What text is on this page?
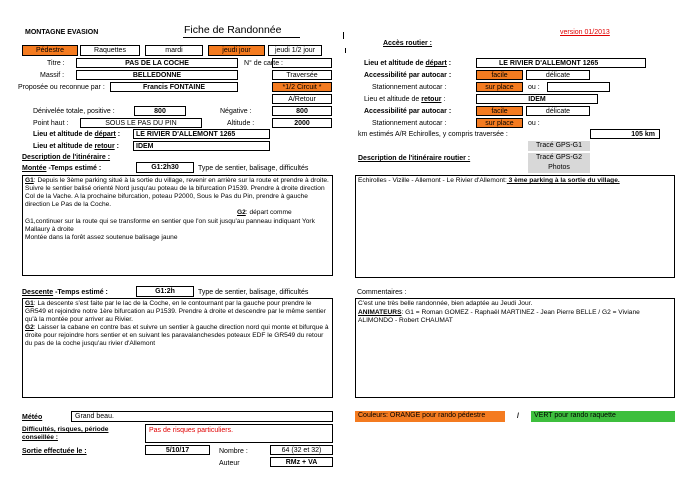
MONTAGNE EVASION	Fiche de Randonnée	version 01/2013
Pédestre	Raquettes	mardi	jeudi jour	jeudi 1/2 jour
Accès routier :
Titre :	PAS DE LA COCHE	N° de carte :
Massif :	BELLEDONNE	Traversée
Proposée ou reconnue par :	Francis FONTAINE	*1/2 Circuit *
A/Retour
Dénivelée totale, positive :	800	Négative :	800
Point haut :	SOUS LE PAS DU PIN	Altitude :	2000
Lieu et altitude de départ :	LE RIVIER D'ALLEMONT 1265
Lieu et altitude de retour :	IDEM
Description de l'itinéraire :
Montée -Temps estimé :	G1:2h30	Type de sentier, balisage, difficultés
G1: Depuis le 3ème parking situé à la sortie du village, revenir en arrière sur la route et prendre à droite. Suivre le sentier balisé orienté Nord jusqu'au poteau de la bifurcation P1539. Prendre à droite direction Col de la Vache. A la prochaine bifurcation, poteau P2000, Sous le Pas du Pin, prendre à gauche direction Le Pas de la Coche.
G2: départ comme
G1,continuer sur la route qui se transforme en sentier que l'on suit jusqu'au panneau indiquant York Mallaury à droite
Montée dans la forêt assez soutenue balisage jaune
Descente -Temps estimé :	G1:2h	Type de sentier, balisage, difficultés
G1: La descente s'est faite par le lac de la Coche, en le contournant par la gauche pour prendre le GR549 et rejoindre notre 1ère bifurcation au P1539. Prendre à droite et descendre par le même sentier qu'à la montée pour arriver au Rivier.
G2: Laisser la cabane en contre bas et suivre un sentier à gauche direction nord qui monte et bifurque à droite pour rejoindre hors sentier et en suivant les paravalanchesdes poteaux EDF le GR549 du retour du pas de la coche jusqu'au rivier d'Allemont
Météo	Grand beau.
Difficultés, risques, période conseillée :
Pas de risques particuliers.
Sortie effectuée le :	5/10/17	Nombre :	64 (32 et 32)
Auteur	RMz + VA
Lieu et altitude de départ :	LE RIVIER D'ALLEMONT 1265
Accessibilité par autocar :	facile	délicate
Stationnement autocar :	sur place	ou :
Lieu et altitude de retour :	IDEM
Accessibilité par autocar :	facile	délicate
Stationnement autocar :	sur place	ou :
km estimés A/R Echirolles, y compris traversée :	105 km
Tracé GPS-G1
Description de l'itinéraire routier :	Tracé GPS-G2
Photos
Echirolles - Vizille - Allemont - Le Rivier d'Allemont: 3 ème parking à la sortie du village.
Commentaires :
C'est une très belle randonnée, bien adaptée au Jeudi Jour.
ANIMATEURS: G1 = Roman GOMEZ - Raphaël MARTINEZ - Jean Pierre BELLE / G2 = Viviane ALIMONDO - Robert CHAUMAT
Couleurs: ORANGE pour rando pédestre	/	VERT pour rando raquette
